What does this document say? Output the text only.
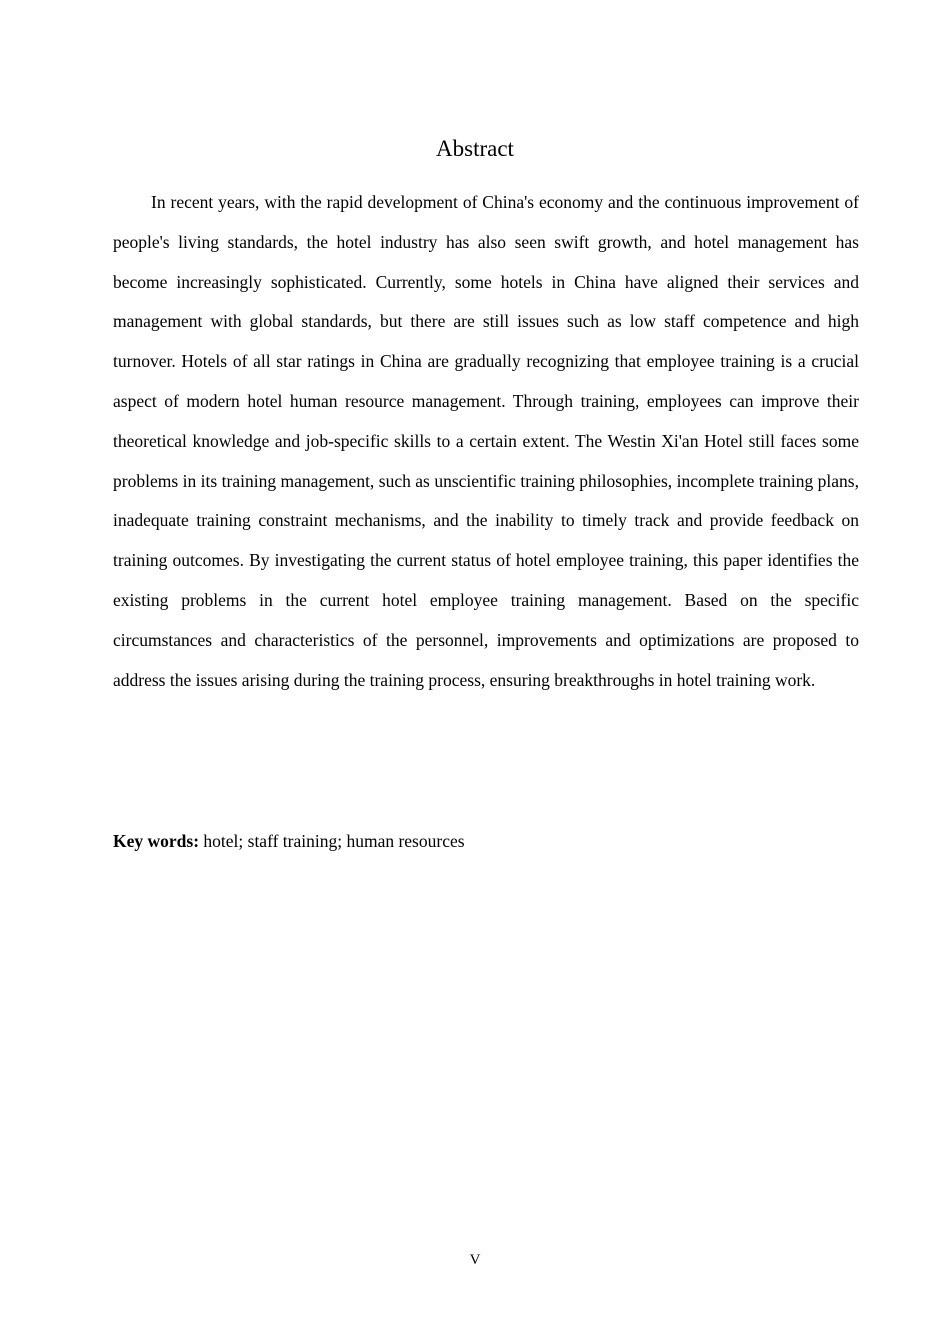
Abstract

In recent years, with the rapid development of China's economy and the continuous improvement of people's living standards, the hotel industry has also seen swift growth, and hotel management has become increasingly sophisticated. Currently, some hotels in China have aligned their services and management with global standards, but there are still issues such as low staff competence and high turnover. Hotels of all star ratings in China are gradually recognizing that employee training is a crucial aspect of modern hotel human resource management. Through training, employees can improve their theoretical knowledge and job-specific skills to a certain extent. The Westin Xi'an Hotel still faces some problems in its training management, such as unscientific training philosophies, incomplete training plans, inadequate training constraint mechanisms, and the inability to timely track and provide feedback on training outcomes. By investigating the current status of hotel employee training, this paper identifies the existing problems in the current hotel employee training management. Based on the specific circumstances and characteristics of the personnel, improvements and optimizations are proposed to address the issues arising during the training process, ensuring breakthroughs in hotel training work.

Key words: hotel; staff training; human resources

V
